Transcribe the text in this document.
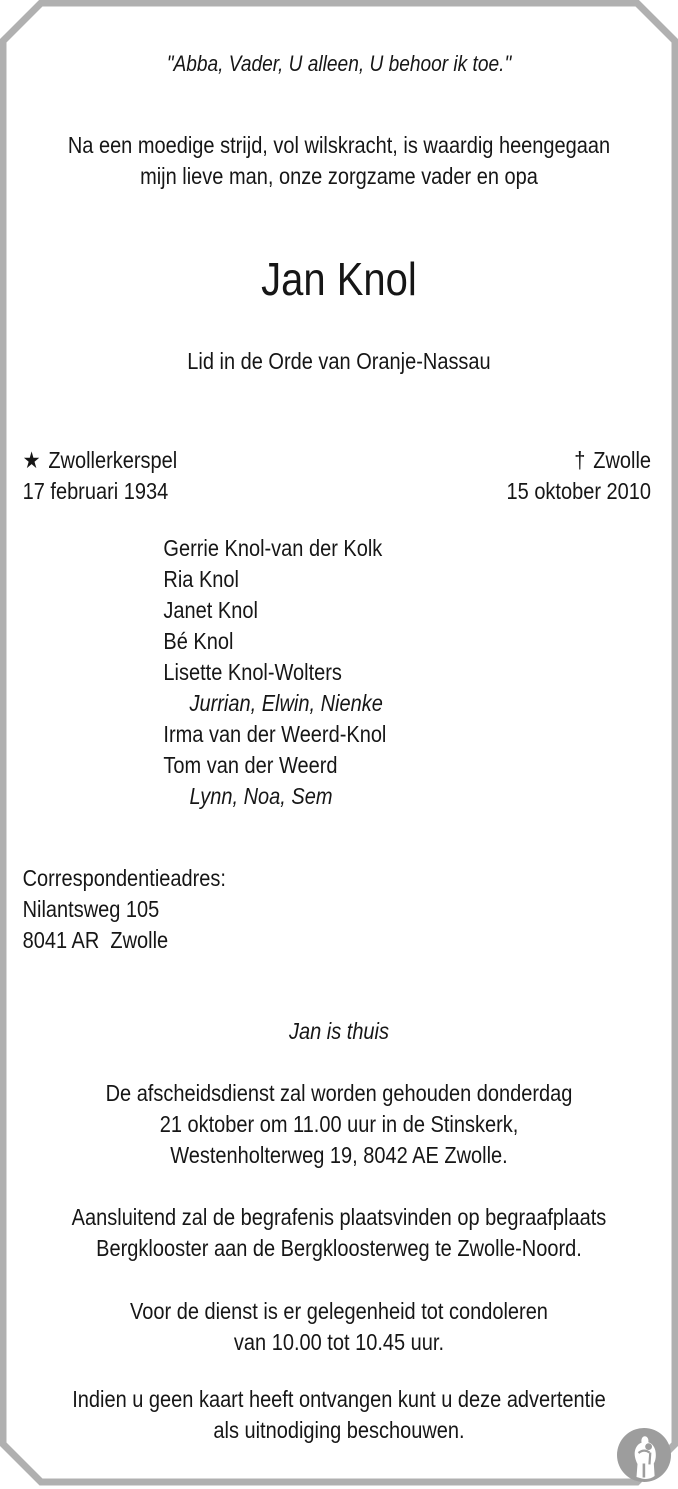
"Abba, Vader, U alleen, U behoor ik toe."

Na een moedige strijd, vol wilskracht, is waardig heengegaan
mijn lieve man, onze zorgzame vader en opa
Jan Knol
Lid in de Orde van Oranje-Nassau
★ Zwollerkerspel
17 februari 1934
† Zwolle
15 oktober 2010
Gerrie Knol-van der Kolk
Ria Knol
Janet Knol
Bé Knol
Lisette Knol-Wolters
Jurrian, Elwin, Nienke
Irma van der Weerd-Knol
Tom van der Weerd
Lynn, Noa, Sem
Correspondentieadres:
Nilantsweg 105
8041 AR  Zwolle
Jan is thuis
De afscheidsdienst zal worden gehouden donderdag
21 oktober om 11.00 uur in de Stinskerk,
Westenholterweg 19, 8042 AE Zwolle.
Aansluitend zal de begrafenis plaatsvinden op begraafplaats
Bergklooster aan de Bergkloosterweg te Zwolle-Noord.
Voor de dienst is er gelegenheid tot condoleren
van 10.00 tot 10.45 uur.
Indien u geen kaart heeft ontvangen kunt u deze advertentie
als uitnodiging beschouwen.
